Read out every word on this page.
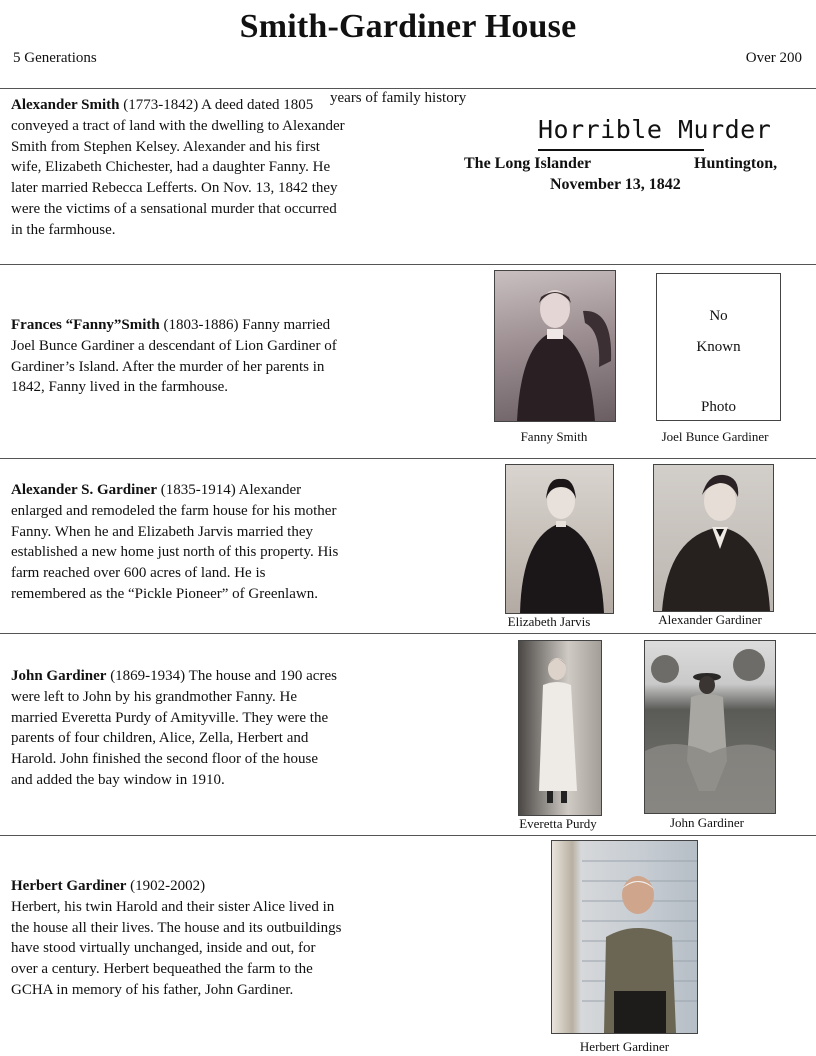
Smith-Gardiner House
5 Generations	Over 200
years of family history
Alexander Smith (1773-1842) A deed dated 1805
conveyed a tract of land with the dwelling to Alexander
Smith from Stephen Kelsey. Alexander and his first
wife, Elizabeth Chichester, had a daughter Fanny. He
later married Rebecca Lefferts. On Nov. 13, 1842 they
were the victims of a sensational murder that occurred
in the farmhouse.
Horrible Murder
The Long Islander	Huntington,
November 13, 1842
Frances “Fanny”Smith (1803-1886) Fanny married
Joel Bunce Gardiner a descendant of Lion Gardiner of
Gardiner’s Island. After the murder of her parents in
1842, Fanny lived in the farmhouse.
Fanny Smith
No
Known
Photo
Joel Bunce Gardiner
Alexander S. Gardiner (1835-1914) Alexander
enlarged and remodeled the farm house for his mother
Fanny. When he and Elizabeth Jarvis married they
established a new home just north of this property. His
farm reached over 600 acres of land. He is
remembered as the “Pickle Pioneer” of Greenlawn.
Elizabeth Jarvis	Alexander Gardiner
John Gardiner (1869-1934) The house and 190 acres
were left to John by his grandmother Fanny. He
married Everetta Purdy of Amityville. They were the
parents of four children, Alice, Zella, Herbert and
Harold. John finished the second floor of the house
and added the bay window in 1910.
Everetta Purdy	John Gardiner
Herbert Gardiner (1902-2002)
Herbert, his twin Harold and their sister Alice lived in
the house all their lives. The house and its outbuildings
have stood virtually unchanged, inside and out, for
over a century. Herbert bequeathed the farm to the
GCHA in memory of his father, John Gardiner.
Herbert Gardiner
